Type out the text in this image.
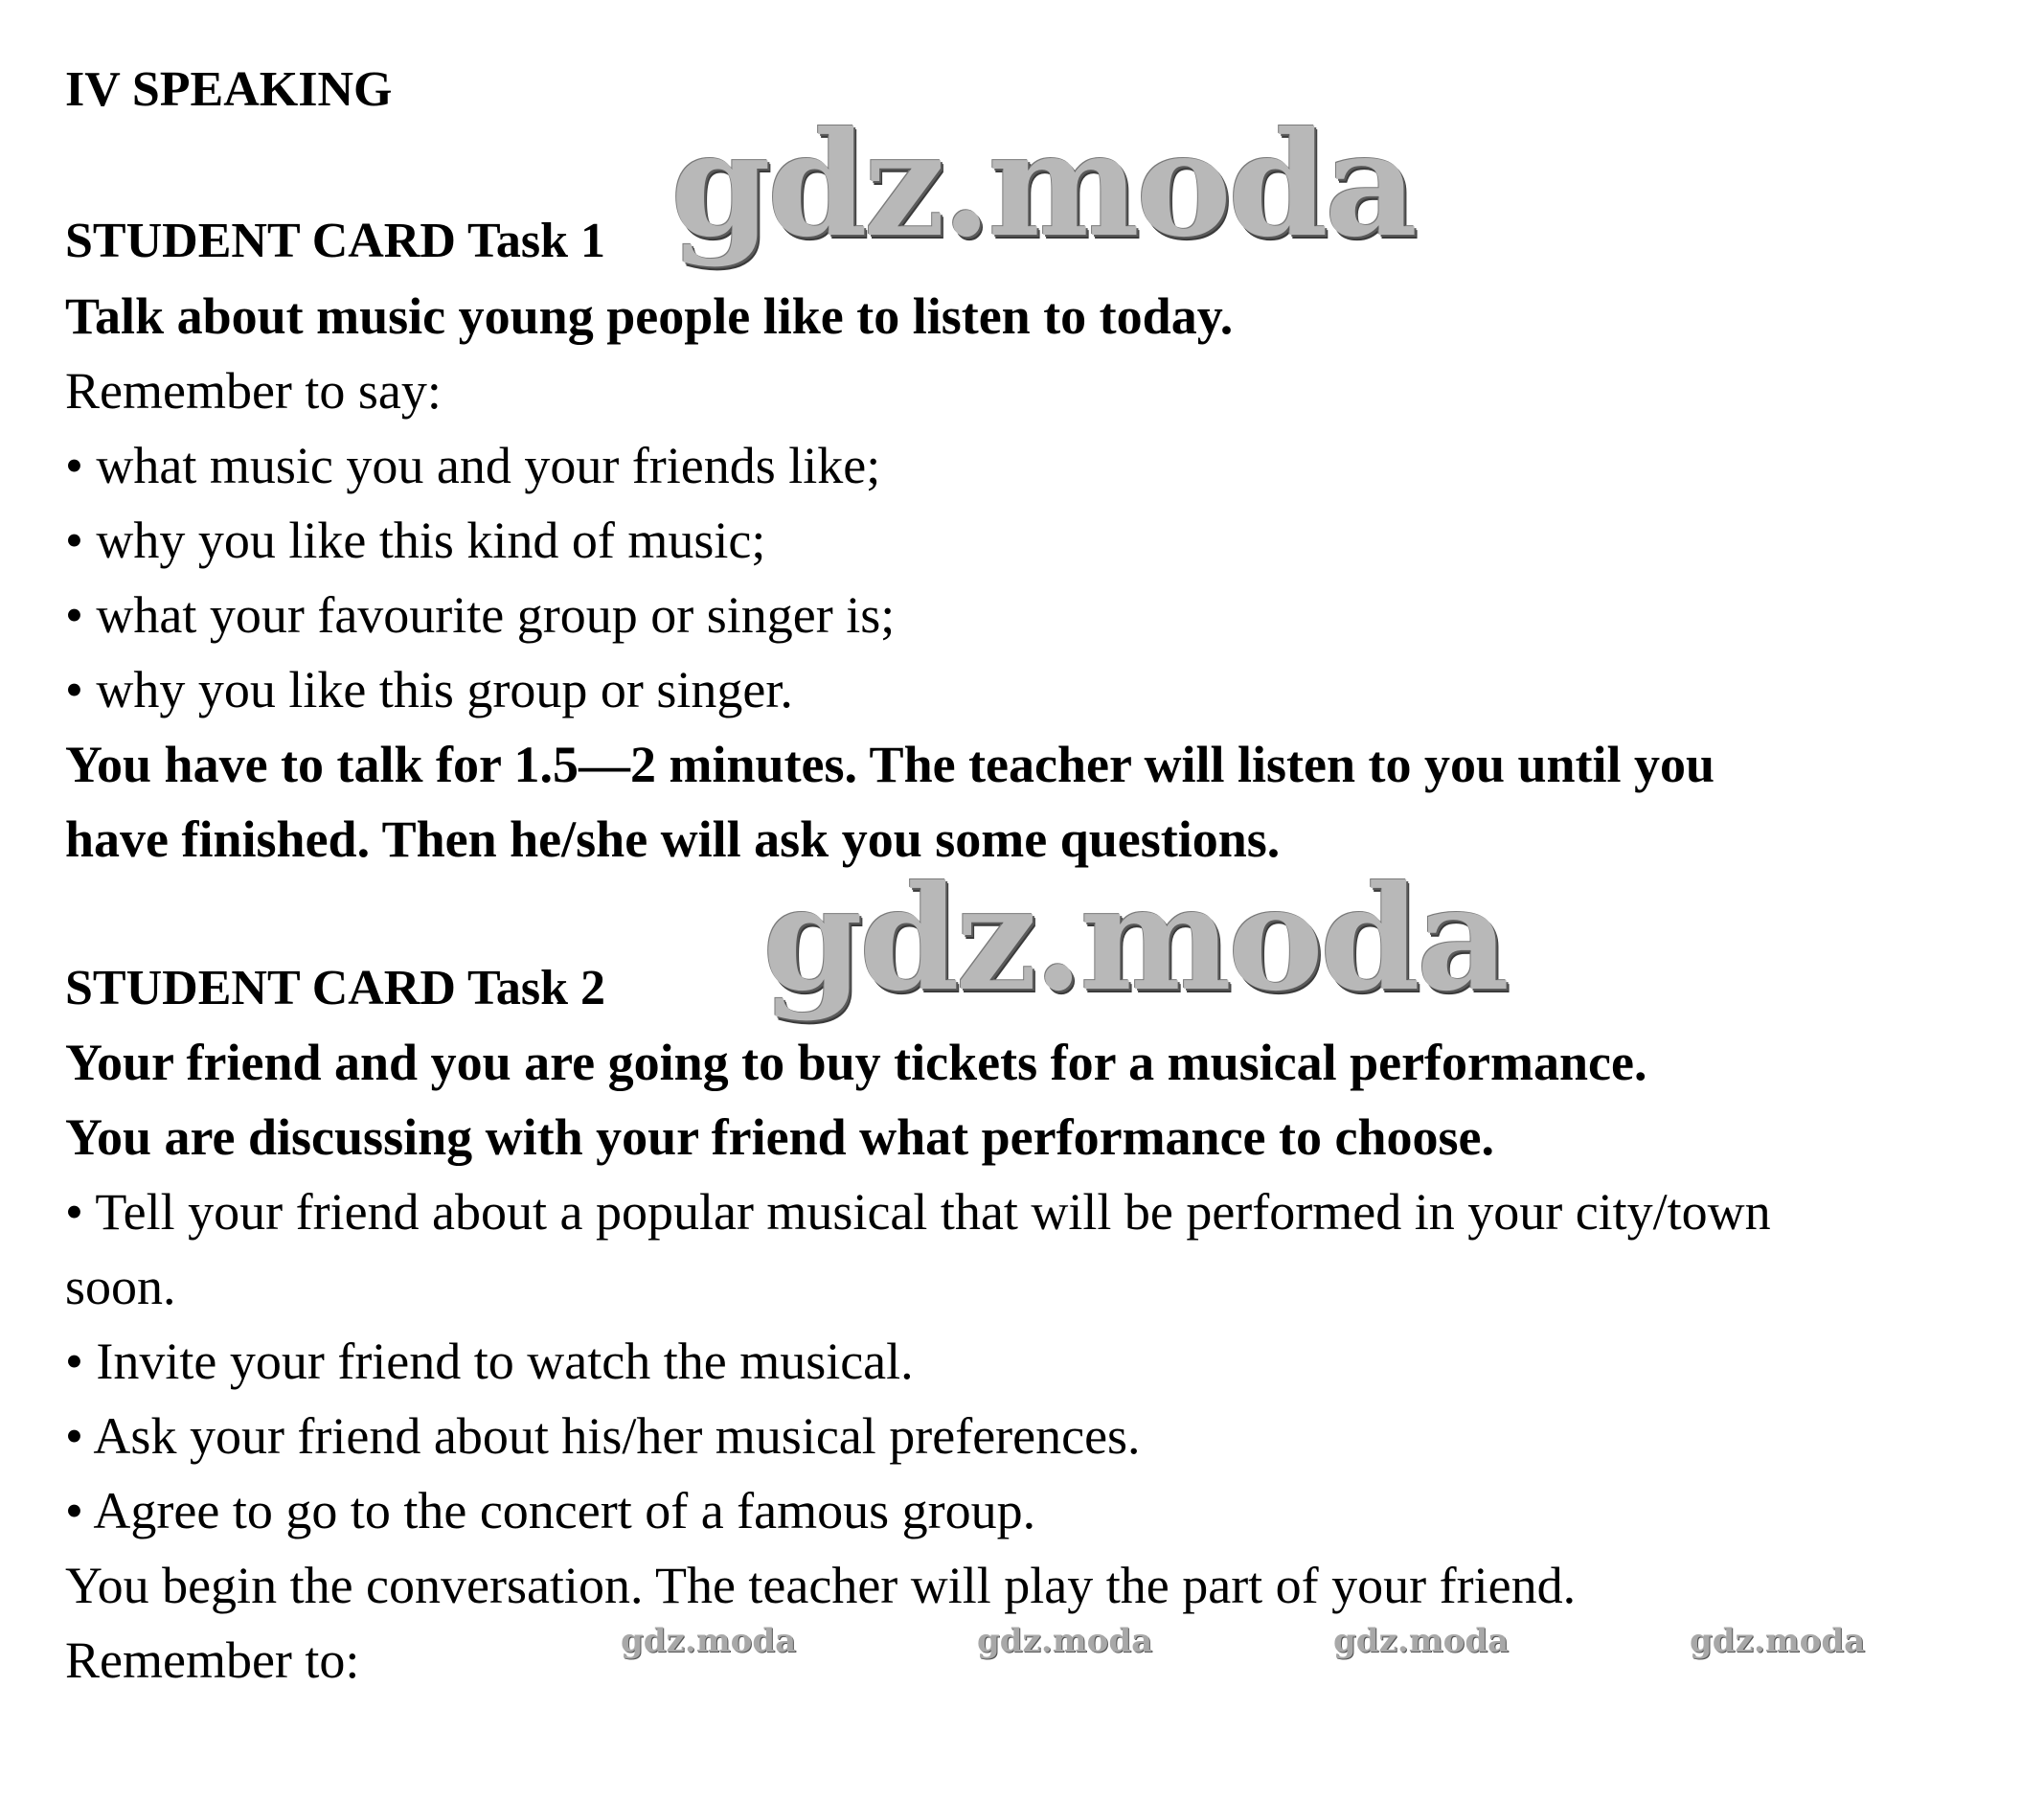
IV SPEAKING
gdz.moda
STUDENT CARD Task 1
Talk about music young people like to listen to today.
Remember to say:
• what music you and your friends like;
• why you like this kind of music;
• what your favourite group or singer is;
• why you like this group or singer.
You have to talk for 1.5—2 minutes. The teacher will listen to you until you
have finished. Then he/she will ask you some questions.
gdz.moda
STUDENT CARD Task 2
Your friend and you are going to buy tickets for a musical performance.
You are discussing with your friend what performance to choose.
• Tell your friend about a popular musical that will be performed in your city/town
soon.
• Invite your friend to watch the musical.
• Ask your friend about his/her musical preferences.
• Agree to go to the concert of a famous group.
You begin the conversation. The teacher will play the part of your friend.
Remember to:	gdz.moda	gdz.moda	gdz.moda	gdz.moda
